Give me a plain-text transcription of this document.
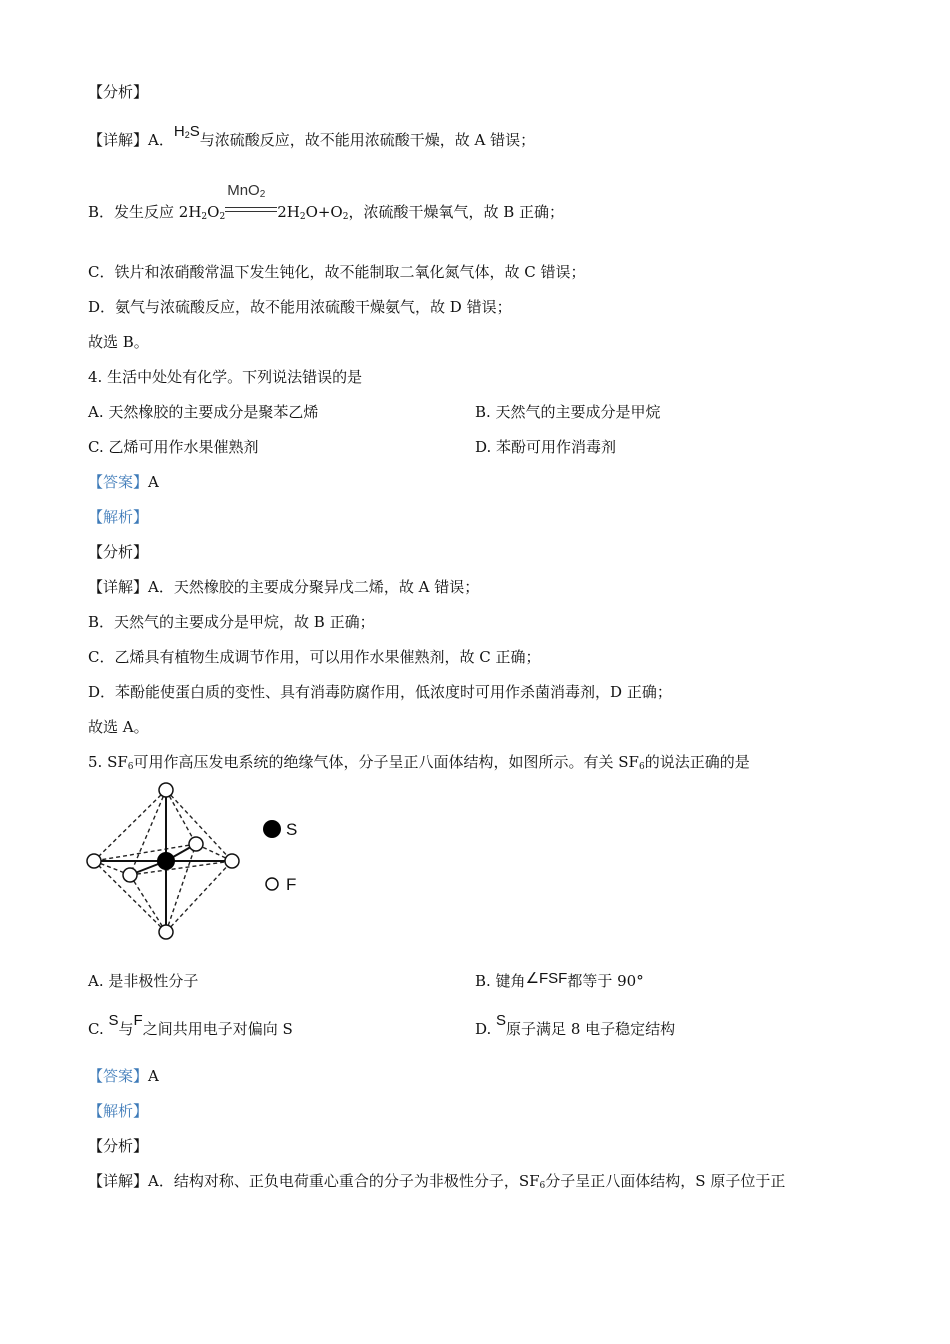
【分析】
【详解】A．$H_2S$与浓硫酸反应，故不能用浓硫酸干燥，故 A 错误；
B．发生反应 $2H_2O_2$
MnO$_2$
$2H_2O+O_2$，浓硫酸干燥氧气，故 B 正确；
C．铁片和浓硝酸常温下发生钝化，故不能制取二氧化氮气体，故 C 错误；
D．氨气与浓硫酸反应，故不能用浓硫酸干燥氨气，故 D 错误；
故选 B。
4. 生活中处处有化学。下列说法错误的是
A. 天然橡胶的主要成分是聚苯乙烯	B. 天然气的主要成分是甲烷
C. 乙烯可用作水果催熟剂	D. 苯酚可用作消毒剂
【答案】A
【解析】
【分析】
【详解】A．天然橡胶的主要成分聚异戊二烯，故 A 错误；
B．天然气的主要成分是甲烷，故 B 正确；
C．乙烯具有植物生成调节作用，可以用作水果催熟剂，故 C 正确；
D．苯酚能使蛋白质的变性、具有消毒防腐作用，低浓度时可用作杀菌消毒剂，D 正确；
故选 A。
5. $SF_6$可用作高压发电系统的绝缘气体，分子呈正八面体结构，如图所示。有关 $SF_6$的说法正确的是
S
F
A. 是非极性分子	B. 键角∠FSF都等于 90°
C. S与F之间共用电子对偏向 S	D. S原子满足 8 电子稳定结构
【答案】A
【解析】
【分析】
【详解】A．结构对称、正负电荷重心重合的分子为非极性分子，$SF_6$分子呈正八面体结构，S 原子位于正
